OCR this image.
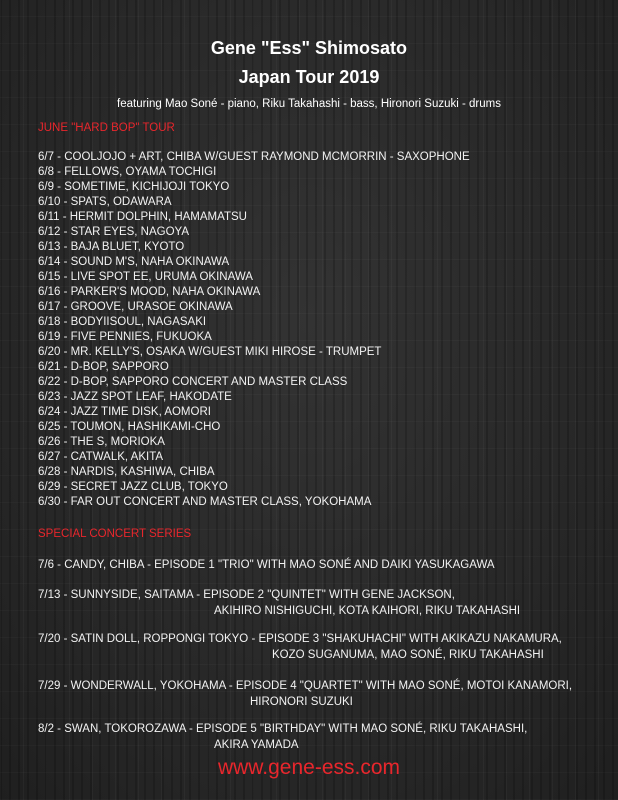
Gene "Ess" Shimosato
Japan Tour 2019
featuring Mao Soné - piano, Riku Takahashi - bass, Hironori Suzuki - drums
JUNE "HARD BOP" TOUR
6/7 - COOLJOJO + ART, CHIBA W/GUEST RAYMOND MCMORRIN - SAXOPHONE
6/8 - FELLOWS, OYAMA TOCHIGI
6/9 - SOMETIME, KICHIJOJI TOKYO
6/10 - SPATS, ODAWARA
6/11 - HERMIT DOLPHIN, HAMAMATSU
6/12 - STAR EYES, NAGOYA
6/13 - BAJA BLUET, KYOTO
6/14 - SOUND M'S, NAHA OKINAWA
6/15 - LIVE SPOT EE, URUMA OKINAWA
6/16 - PARKER'S MOOD, NAHA OKINAWA
6/17 - GROOVE, URASOE OKINAWA
6/18 - BODYIISOUL, NAGASAKI
6/19 - FIVE PENNIES, FUKUOKA
6/20 - MR. KELLY'S, OSAKA W/GUEST MIKI HIROSE - TRUMPET
6/21 - D-BOP, SAPPORO
6/22 - D-BOP, SAPPORO CONCERT AND MASTER CLASS
6/23 - JAZZ SPOT LEAF, HAKODATE
6/24 - JAZZ TIME DISK, AOMORI
6/25 - TOUMON, HASHIKAMI-CHO
6/26 - THE S, MORIOKA
6/27 - CATWALK, AKITA
6/28 - NARDIS, KASHIWA, CHIBA
6/29 - SECRET JAZZ CLUB, TOKYO
6/30 - FAR OUT CONCERT AND MASTER CLASS, YOKOHAMA
SPECIAL CONCERT SERIES
7/6 - CANDY, CHIBA - EPISODE 1 "TRIO" WITH MAO SONÉ AND DAIKI YASUKAGAWA
7/13 - SUNNYSIDE, SAITAMA - EPISODE 2 "QUINTET" WITH GENE JACKSON,
AKIHIRO NISHIGUCHI, KOTA KAIHORI, RIKU TAKAHASHI
7/20 - SATIN DOLL, ROPPONGI TOKYO - EPISODE 3 "SHAKUHACHI" WITH AKIKAZU NAKAMURA,
KOZO SUGANUMA, MAO SONÉ, RIKU TAKAHASHI
7/29 - WONDERWALL, YOKOHAMA - EPISODE 4 "QUARTET" WITH MAO SONÉ, MOTOI KANAMORI,
HIRONORI SUZUKI
8/2 - SWAN, TOKOROZAWA - EPISODE 5 "BIRTHDAY" WITH MAO SONÉ, RIKU TAKAHASHI,
AKIRA YAMADA
www.gene-ess.com
